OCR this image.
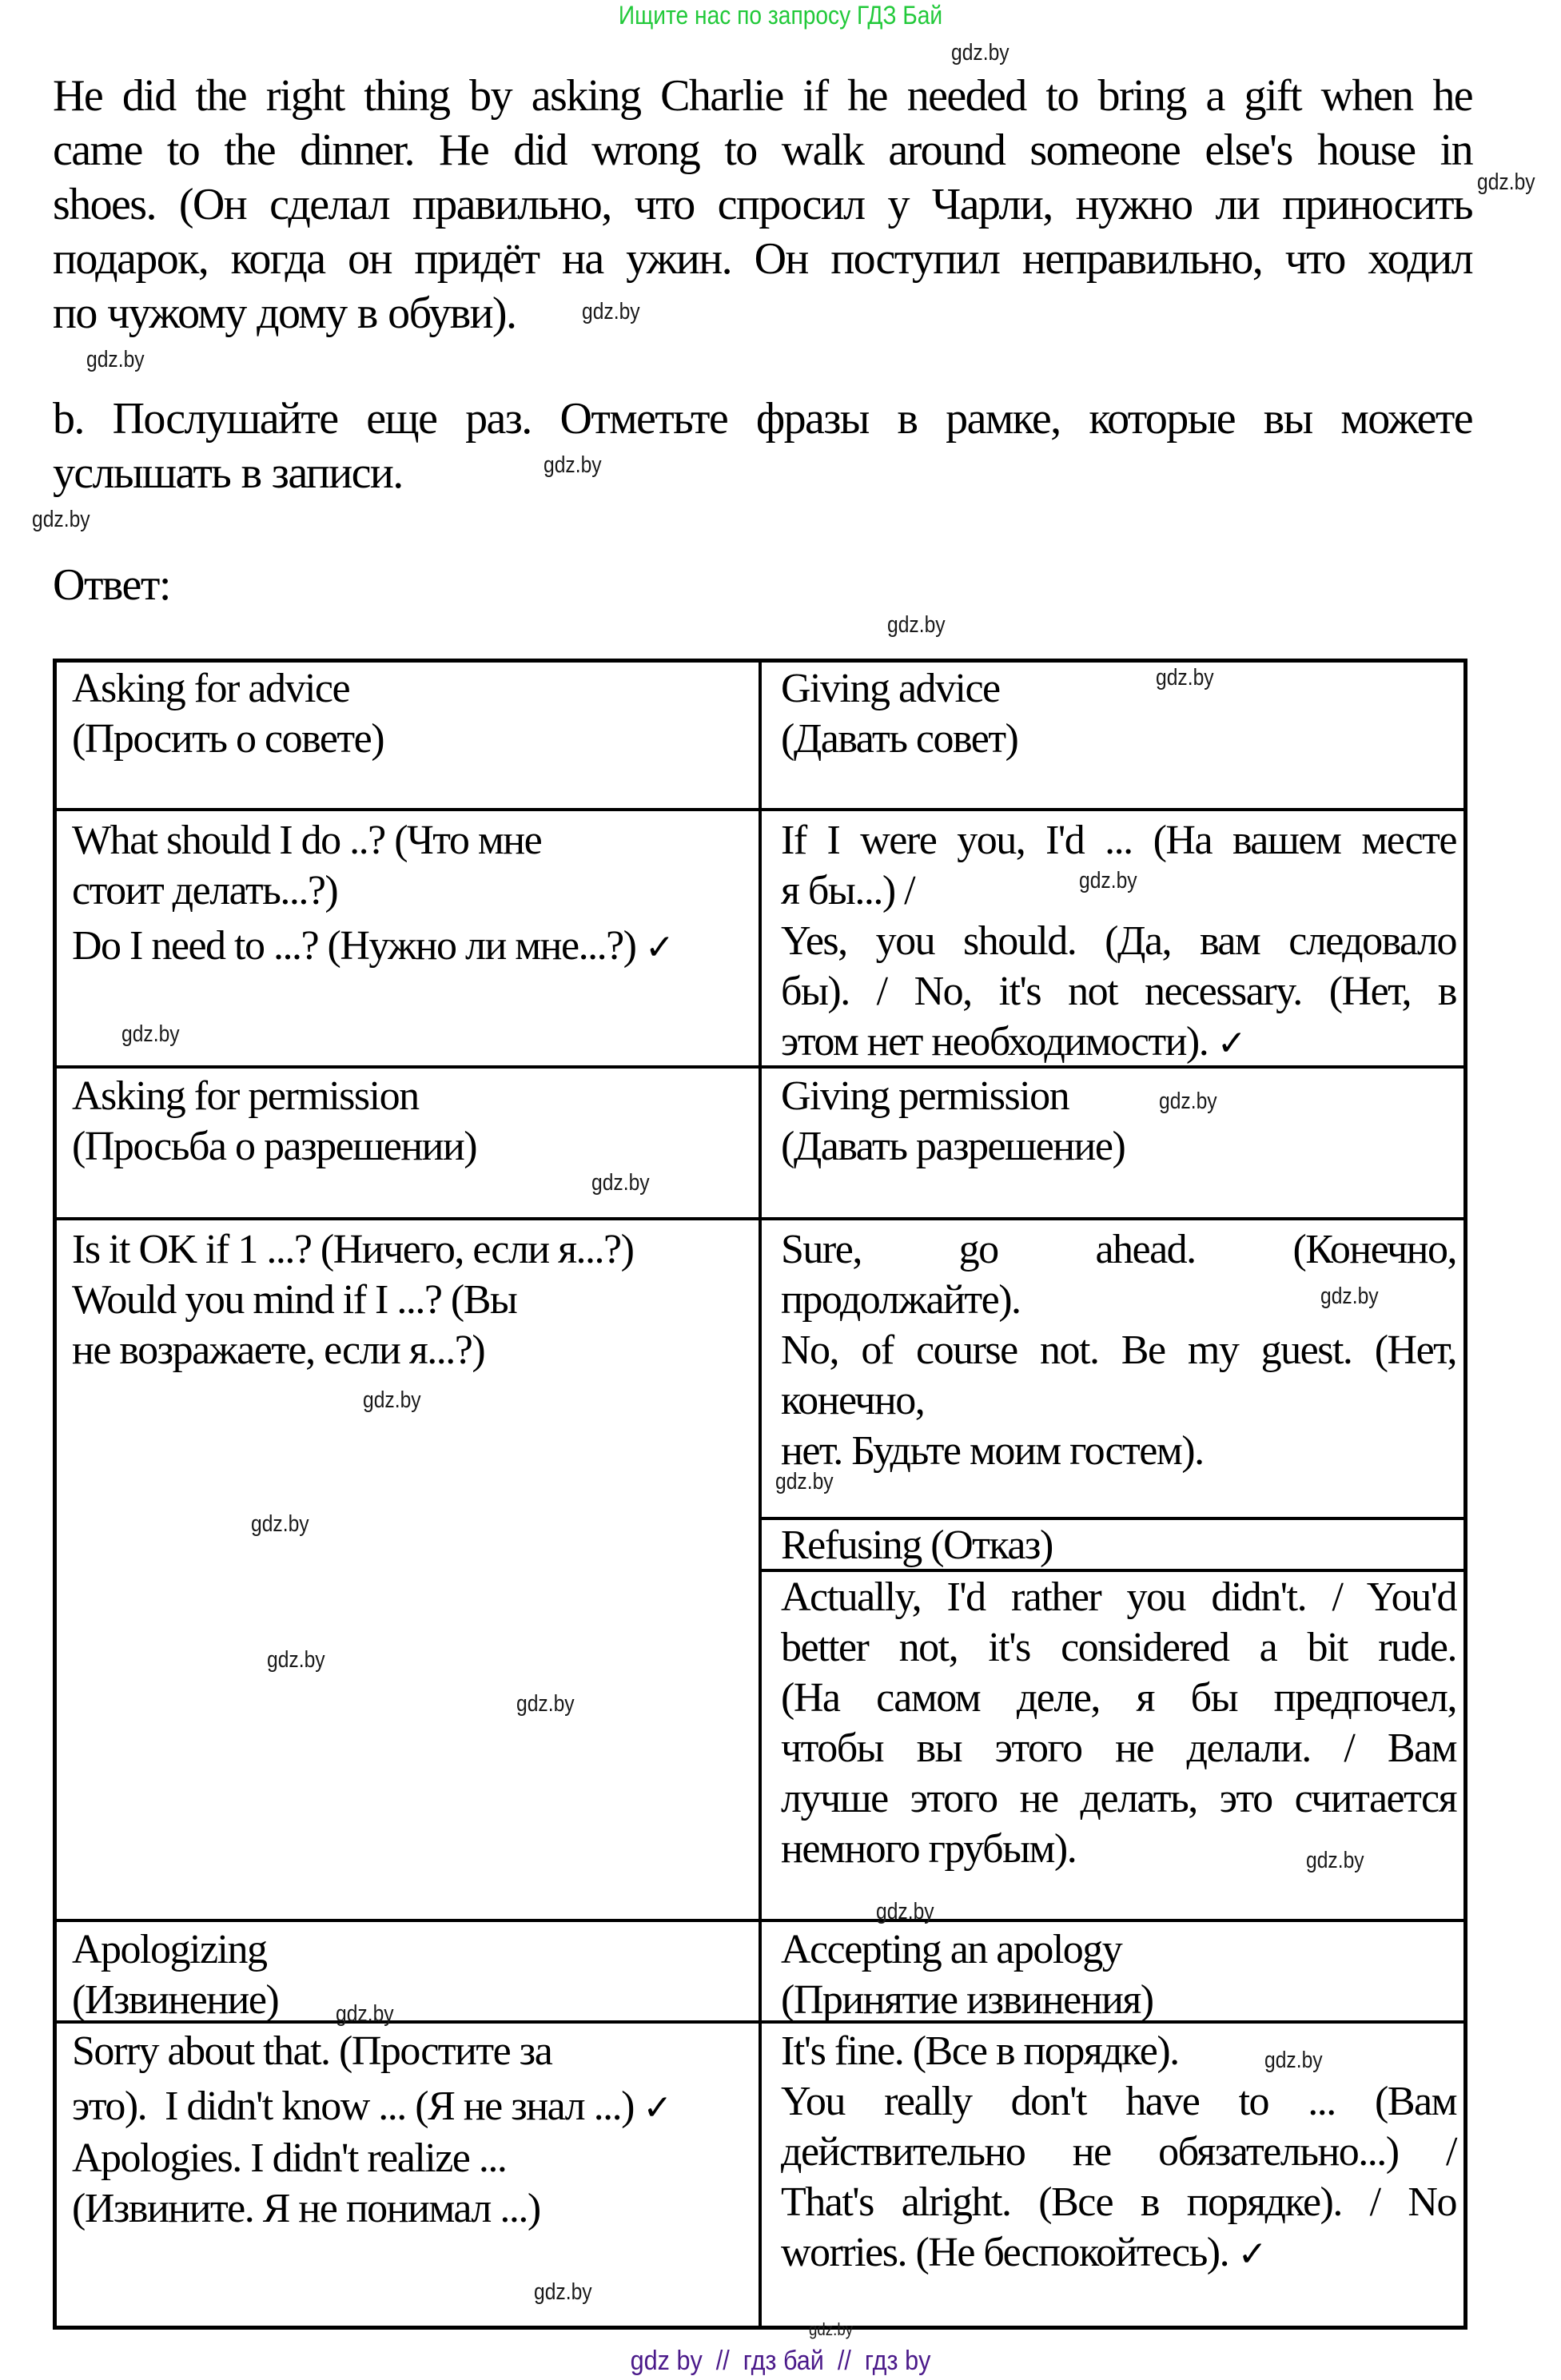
Ищите нас по запросу ГДЗ Бай
gdz.by
gdz.by
gdz.by
gdz.by
gdz.by
gdz.by
gdz.by
He did the right thing by asking Charlie if he needed to bring a gift when he
came to the dinner. He did wrong to walk around someone else's house in
shoes. (Он сделал правильно, что спросил у Чарли, нужно ли приносить
подарок, когда он придёт на ужин. Он поступил неправильно, что ходил
по чужому дому в обуви).
b. Послушайте еще раз. Отметьте фразы в рамке, которые вы можете
услышать в записи.
Ответ:
Asking for advice
(Просить о совете)
Giving advice
(Давать совет)
gdz.by
What should I do ..? (Что мне
стоит делать...?)
Do I need to ...? (Нужно ли мне...?) ✓
gdz.by
If I were you, I'd ... (На вашем месте
я бы...) /
Yes, you should. (Да, вам следовало
бы). / No, it's not necessary. (Нет, в
этом нет необходимости). ✓
gdz.by
Asking for permission
(Просьба о разрешении)
gdz.by
Giving permission
(Давать разрешение)
gdz.by
Is it OK if 1 ...? (Ничего, если я...?)
Would you mind if I ...? (Вы
не возражаете, если я...?)
gdz.by
gdz.by
gdz.by
gdz.by
Sure, go ahead. (Конечно,
продолжайте).
No, of course not. Be my guest. (Нет,
конечно,
нет. Будьте моим гостем).
gdz.by
gdz.by
Refusing (Отказ)
Actually, I'd rather you didn't. / You'd
better not, it's considered a bit rude.
(На самом деле, я бы предпочел,
чтобы вы этого не делали. / Вам
лучше этого не делать, это считается
немного грубым).	gdz.by
gdz.by
Apologizing
(Извинение)	gdz.by
Accepting an apology
(Принятие извинения)
Sorry about that. (Простите за
это).  I didn't know ... (Я не знал ...) ✓
Apologies. I didn't realize ...
(Извините. Я не понимал ...)
gdz.by
It's fine. (Все в порядке).
You really don't have to ... (Вам
действительно не обязательно...) /
That's alright. (Все в порядке). / No
worries. (Не беспокойтесь). ✓
gdz.by
gdz.by
gdz by  //  гдз бай  //  гдз by
